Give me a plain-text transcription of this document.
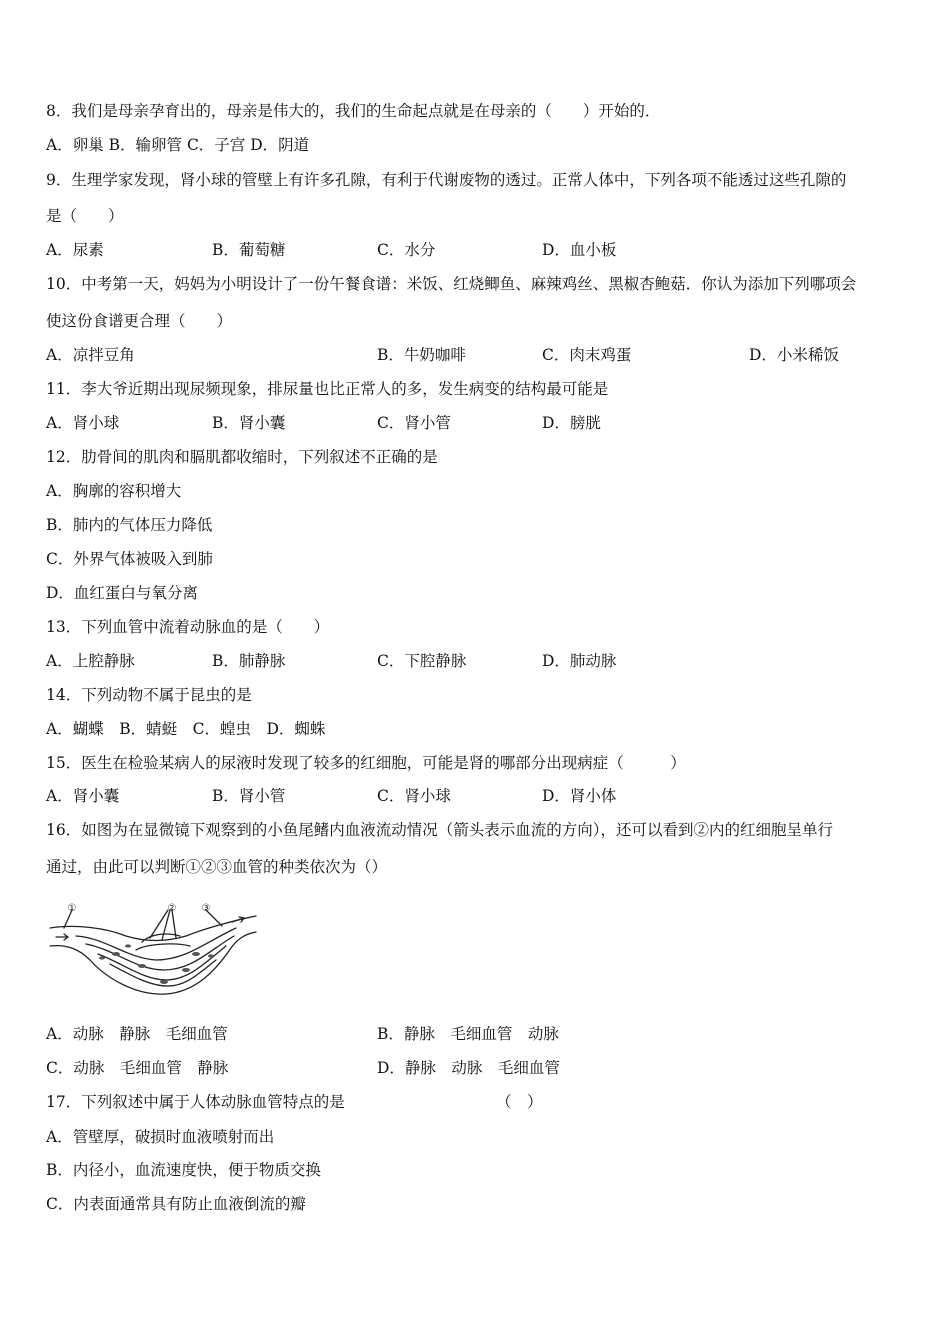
8．我们是母亲孕育出的，母亲是伟大的，我们的生命起点就是在母亲的（　　）开始的．
A．卵巢 B．输卵管 C．子宫 D．阴道
9．生理学家发现，肾小球的管壁上有许多孔隙，有利于代谢废物的透过。正常人体中，下列各项不能透过这些孔隙的
是（　　）
A．尿素	B．葡萄糖	C．水分	D．血小板
10．中考第一天，妈妈为小明设计了一份午餐食谱：米饭、红烧鲫鱼、麻辣鸡丝、黑椒杏鲍菇．你认为添加下列哪项会
使这份食谱更合理（　　）
A．凉拌豆角	B．牛奶咖啡	C．肉末鸡蛋	D．小米稀饭
11．李大爷近期出现尿频现象，排尿量也比正常人的多，发生病变的结构最可能是
A．肾小球	B．肾小囊	C．肾小管	D．膀胱
12．肋骨间的肌肉和膈肌都收缩时，下列叙述不正确的是
A．胸廓的容积增大
B．肺内的气体压力降低
C．外界气体被吸入到肺
D．血红蛋白与氧分离
13．下列血管中流着动脉血的是（　　）
A．上腔静脉	B．肺静脉	C．下腔静脉	D．肺动脉
14．下列动物不属于昆虫的是
A．蝴蝶　B．蜻蜓　C．蝗虫　D．蜘蛛
15．医生在检验某病人的尿液时发现了较多的红细胞，可能是肾的哪部分出现病症（　　　）
A．肾小囊	B．肾小管	C．肾小球	D．肾小体
16．如图为在显微镜下观察到的小鱼尾鳍内血液流动情况（箭头表示血流的方向），还可以看到②内的红细胞呈单行
通过，由此可以判断①②③血管的种类依次为（）
①	②	③
A．动脉　静脉　毛细血管	B．静脉　毛细血管　动脉
C．动脉　毛细血管　静脉	D．静脉　动脉　毛细血管
17．下列叙述中属于人体动脉血管特点的是	（　）
A．管壁厚，破损时血液喷射而出
B．内径小，血流速度快，便于物质交换
C．内表面通常具有防止血液倒流的瓣
